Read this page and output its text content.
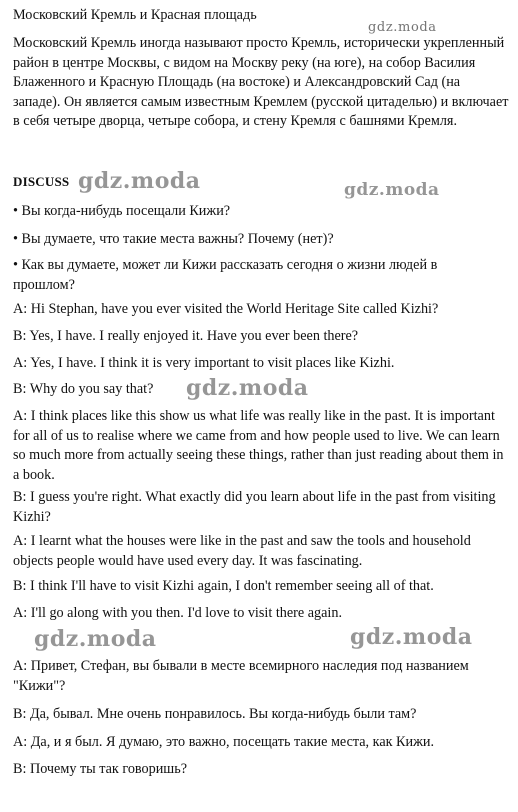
Московский Кремль и Красная площадь

Московский Кремль иногда называют просто Кремль, исторически укрепленный район в центре Москвы, с видом на Москву реку (на юге), на собор Василия Блаженного и Красную Площадь (на востоке) и Александровский Сад (на западе). Он является самым известным Кремлем (русской цитаделью) и включает в себя четыре дворца, четыре собора, и стену Кремля с башнями Кремля.

DISCUSS

• Вы когда-нибудь посещали Кижи?

• Вы думаете, что такие места важны? Почему (нет)?

• Как вы думаете, может ли Кижи рассказать сегодня о жизни людей в прошлом?

A: Hi Stephan, have you ever visited the World Heritage Site called Kizhi?

B: Yes, I have. I really enjoyed it. Have you ever been there?

A: Yes, I have. I think it is very important to visit places like Kizhi.

B: Why do you say that?

A: I think places like this show us what life was really like in the past. It is important for all of us to realise where we came from and how people used to live. We can learn so much more from actually seeing these things, rather than just reading about them in a book.

B: I guess you're right. What exactly did you learn about life in the past from visiting Kizhi?

A: I learnt what the houses were like in the past and saw the tools and household objects people would have used every day. It was fascinating.

B: I think I'll have to visit Kizhi again, I don't remember seeing all of that.

A: I'll go along with you then. I'd love to visit there again.

A: Привет, Стефан, вы бывали в месте всемирного наследия под названием "Кижи"?

B: Да, бывал. Мне очень понравилось. Вы когда-нибудь были там?

A: Да, и я был. Я думаю, это важно, посещать такие места, как Кижи.

B: Почему ты так говоришь?

gdz.moda
gdz.moda	gdz.moda
gdz.moda
gdz.moda	gdz.moda
